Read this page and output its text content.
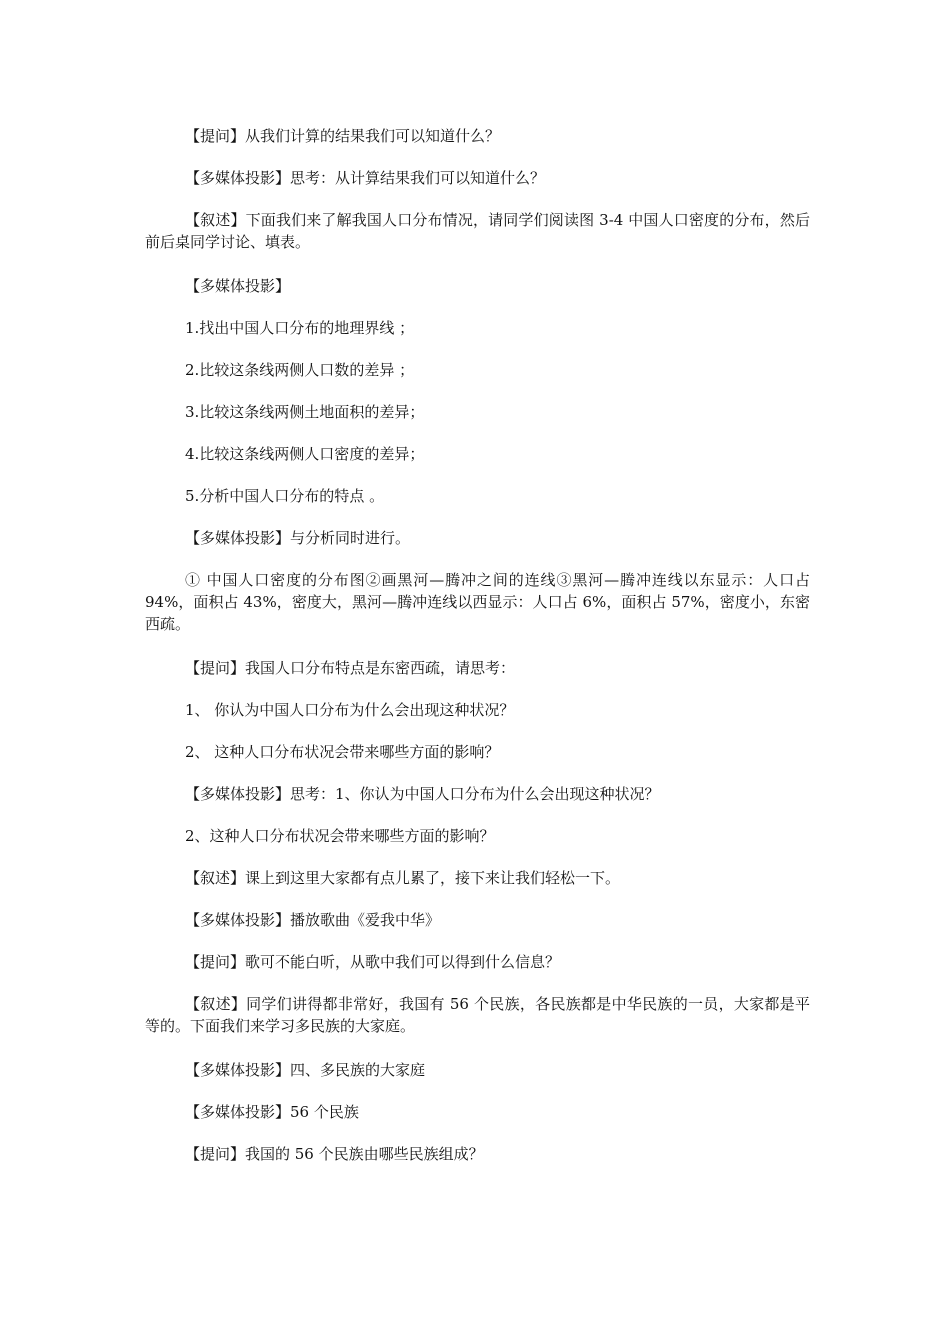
【提问】从我们计算的结果我们可以知道什么？
【多媒体投影】思考：从计算结果我们可以知道什么？
【叙述】下面我们来了解我国人口分布情况，请同学们阅读图 3-4 中国人口密度的分布，然后前后桌同学讨论、填表。
【多媒体投影】
1.找出中国人口分布的地理界线 ；
2.比较这条线两侧人口数的差异 ；
3.比较这条线两侧土地面积的差异；
4.比较这条线两侧人口密度的差异；
5.分析中国人口分布的特点 。
【多媒体投影】与分析同时进行。
① 中国人口密度的分布图②画黑河—腾冲之间的连线③黑河—腾冲连线以东显示：人口占 94%，面积占 43%，密度大，黑河—腾冲连线以西显示：人口占 6%，面积占 57%，密度小，东密西疏。
【提问】我国人口分布特点是东密西疏，请思考：
1、 你认为中国人口分布为什么会出现这种状况？
2、 这种人口分布状况会带来哪些方面的影响？
【多媒体投影】思考：1、你认为中国人口分布为什么会出现这种状况？
2、这种人口分布状况会带来哪些方面的影响？
【叙述】课上到这里大家都有点儿累了，接下来让我们轻松一下。
【多媒体投影】播放歌曲《爱我中华》
【提问】歌可不能白听，从歌中我们可以得到什么信息？
【叙述】同学们讲得都非常好，我国有 56 个民族，各民族都是中华民族的一员，大家都是平等的。下面我们来学习多民族的大家庭。
【多媒体投影】四、多民族的大家庭
【多媒体投影】56 个民族
【提问】我国的 56 个民族由哪些民族组成？
